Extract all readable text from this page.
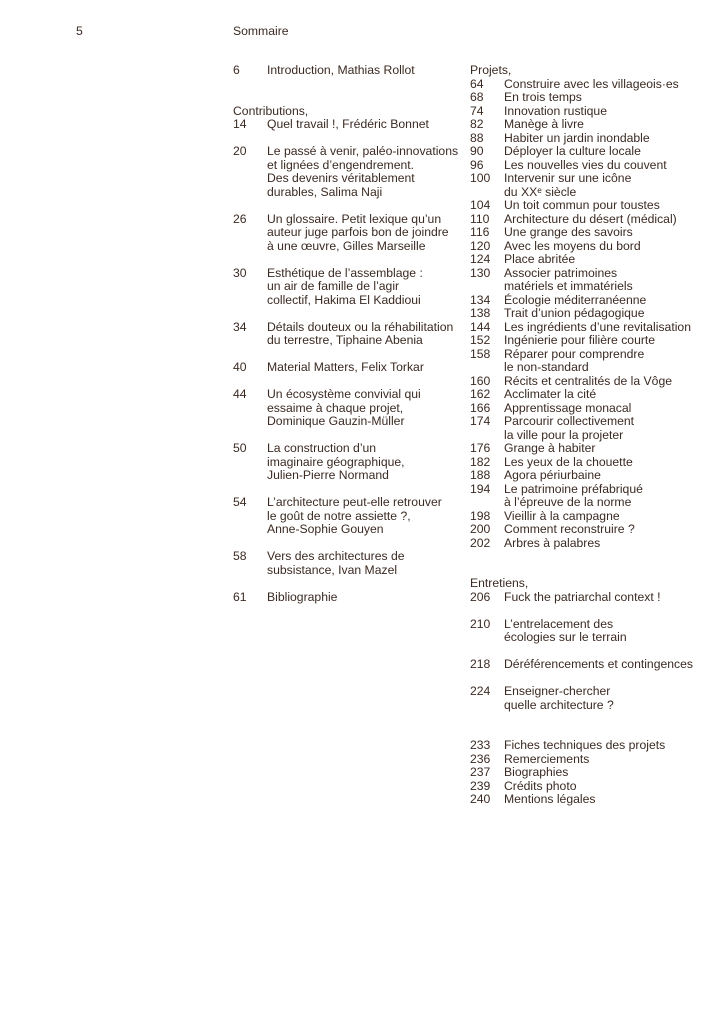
5	Sommaire
6 Introduction, Mathias Rollot
Contributions,
14 Quel travail !, Frédéric Bonnet
20 Le passé à venir, paléo-innovations
et lignées d’engendrement.
Des devenirs véritablement
durables, Salima Naji
26 Un glossaire. Petit lexique qu’un
auteur juge parfois bon de joindre
à une œuvre, Gilles Marseille
30 Esthétique de l’assemblage :
un air de famille de l’agir
collectif, Hakima El Kaddioui
34 Détails douteux ou la réhabilitation
du terrestre, Tiphaine Abenia
40 Material Matters, Felix Torkar
44 Un écosystème convivial qui
essaime à chaque projet,
Dominique Gauzin-Müller
50 La construction d’un
imaginaire géographique,
Julien-Pierre Normand
54 L’architecture peut-elle retrouver
le goût de notre assiette ?,
Anne-Sophie Gouyen
58 Vers des architectures de
subsistance, Ivan Mazel
61 Bibliographie
Projets,
64 Construire avec les villageois·es
68 En trois temps
74 Innovation rustique
82 Manège à livre
88 Habiter un jardin inondable
90 Déployer la culture locale
96 Les nouvelles vies du couvent
100 Intervenir sur une icône
du XXᵉ siècle
104 Un toit commun pour toustes
110 Architecture du désert (médical)
116 Une grange des savoirs
120 Avec les moyens du bord
124 Place abritée
130 Associer patrimoines
matériels et immatériels
134 Écologie méditerranéenne
138 Trait d’union pédagogique
144 Les ingrédients d’une revitalisation
152 Ingénierie pour filière courte
158 Réparer pour comprendre
le non-standard
160 Récits et centralités de la Vôge
162 Acclimater la cité
166 Apprentissage monacal
174 Parcourir collectivement
la ville pour la projeter
176 Grange à habiter
182 Les yeux de la chouette
188 Agora périurbaine
194 Le patrimoine préfabriqué
à l’épreuve de la norme
198 Vieillir à la campagne
200 Comment reconstruire ?
202 Arbres à palabres
Entretiens,
206 Fuck the patriarchal context !
210 L’entrelacement des
écologies sur le terrain
218 Déréférencements et contingences
224 Enseigner-chercher
quelle architecture ?
233 Fiches techniques des projets
236 Remerciements
237 Biographies
239 Crédits photo
240 Mentions légales
